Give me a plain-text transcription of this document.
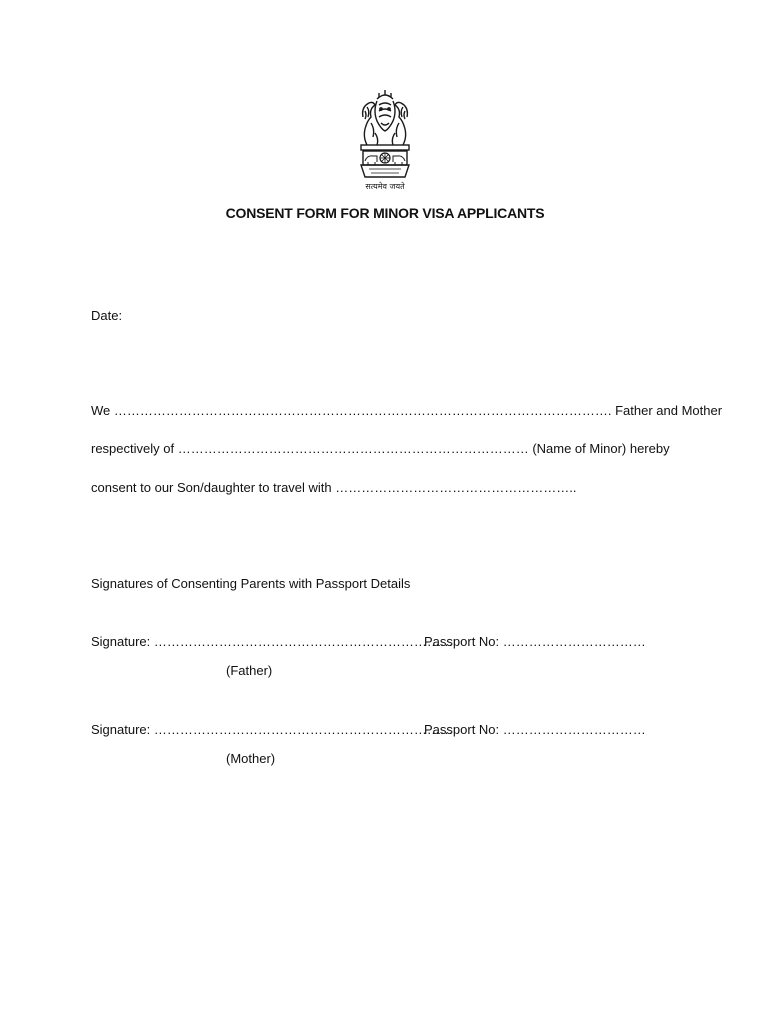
सत्यमेव जयते
CONSENT FORM FOR MINOR VISA APPLICANTS
Date:
We ……………………………………………………………………………………………………. Father and Mother
respectively of ……………………………………………………………………… (Name of Minor) hereby
consent to our Son/daughter to travel with ………………………………………………..
Signatures of Consenting Parents with Passport Details
Signature: ……………………………………………………………
Passport No: ……………………………
(Father)
Signature: ……………………………………………………………
Passport No: ……………………………
(Mother)
